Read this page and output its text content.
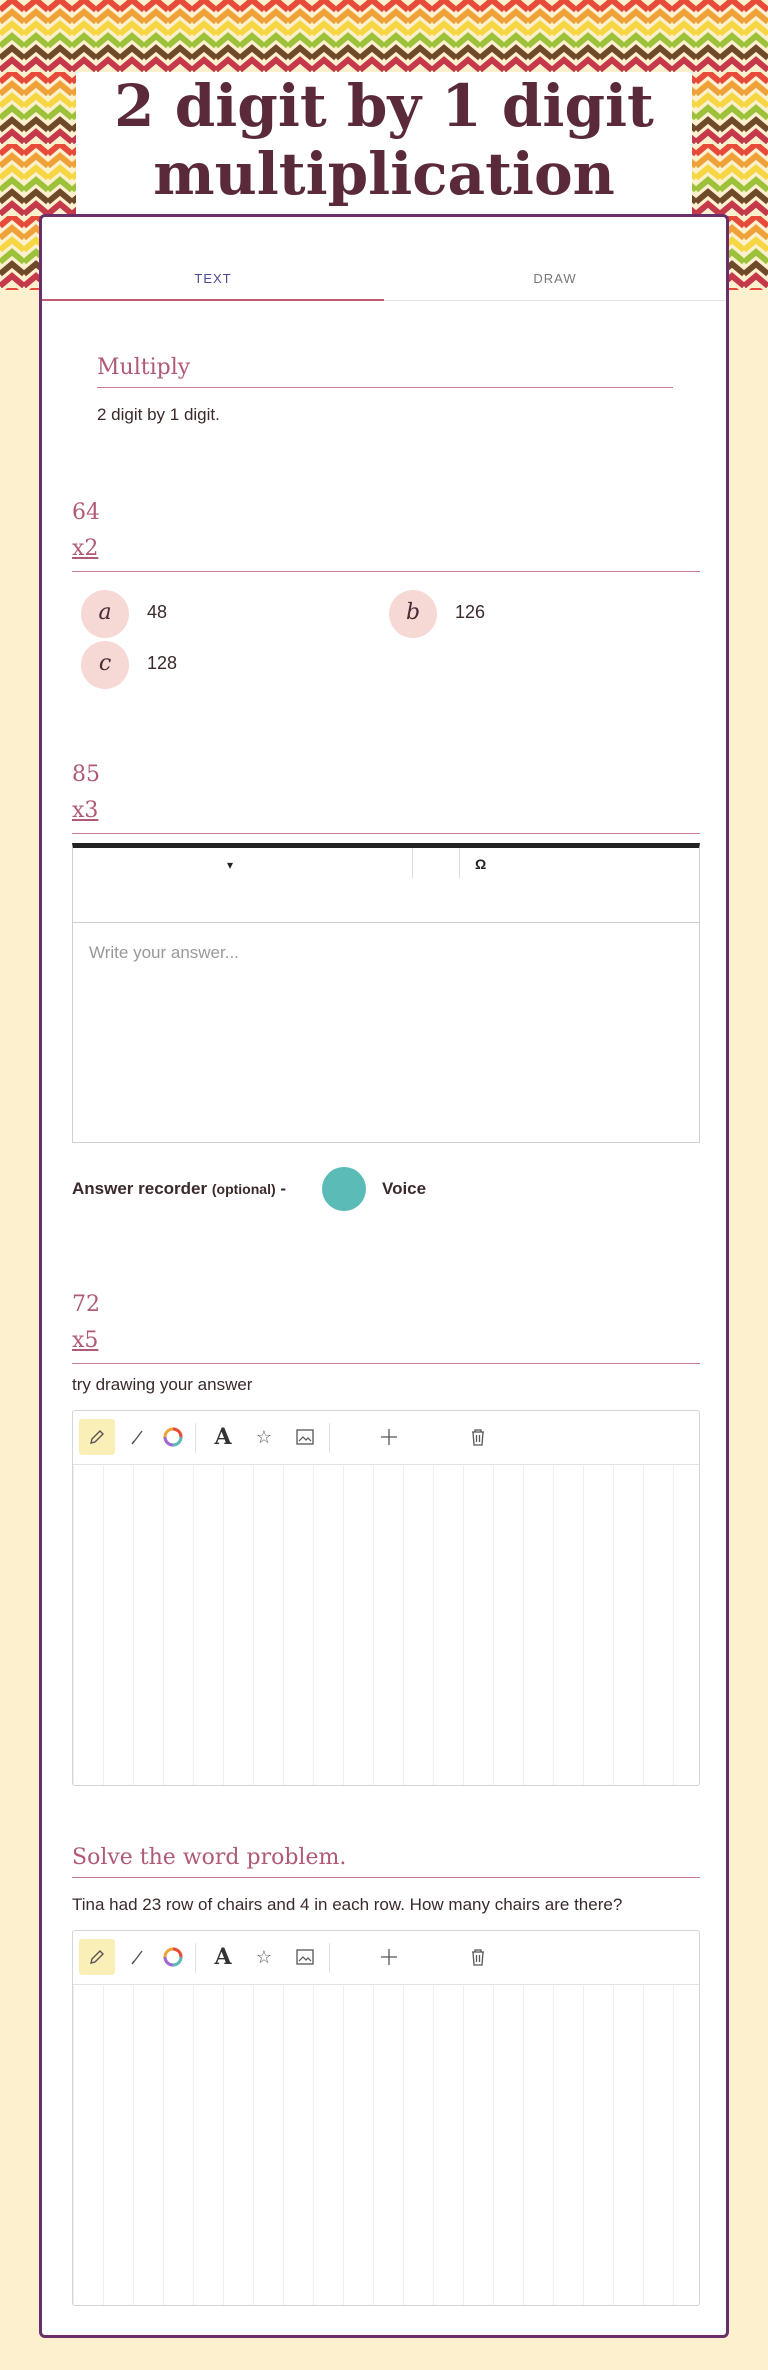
2 digit by 1 digit multiplication
TEXT	DRAW
Multiply
2 digit by 1 digit.
64
x2
a	48	b	126
c	128
85
x3
▾	Ω
Write your answer...
Answer recorder (optional) -	Voice
72
x5
try drawing your answer
A	☆
Solve the word problem.
Tina had 23 row of chairs and 4 in each row. How many chairs are there?
A	☆
